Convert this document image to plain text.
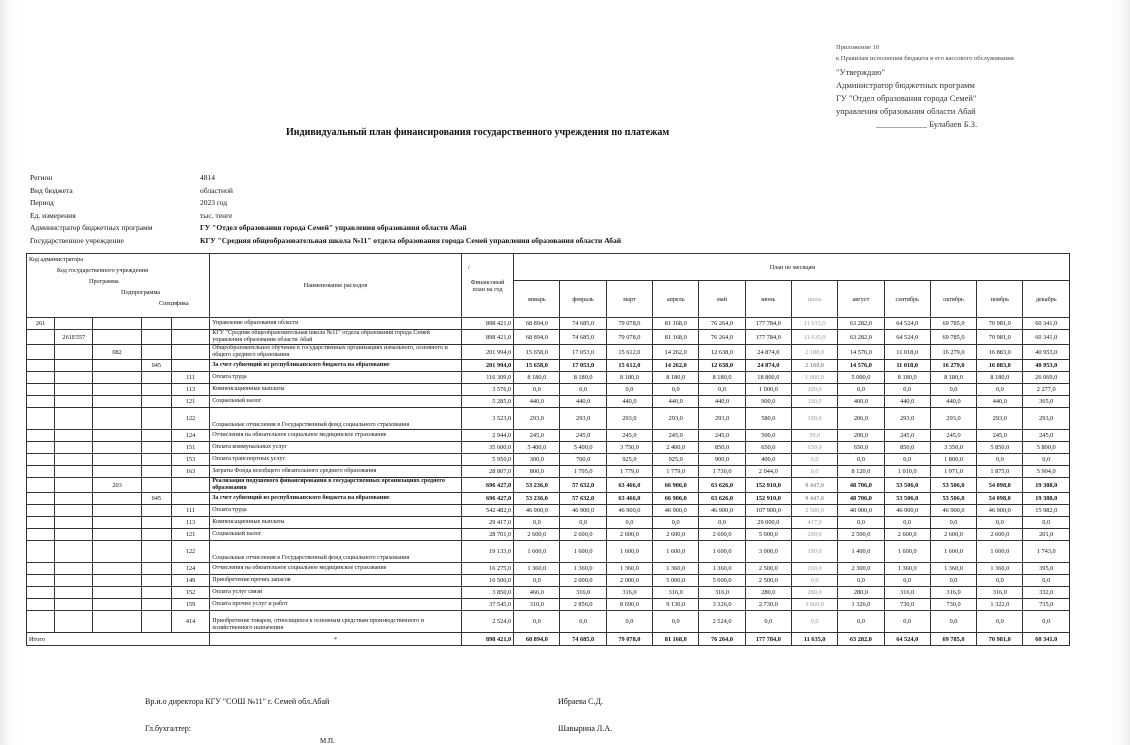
Приложение 10
к Правилам исполнения бюджета и его кассового обслуживания
"Утверждаю"
Администратор бюджетных программ
ГУ "Отдел образования города Семей"
управления образования области Абай
____________ Булабаев Б.З.
Индивидуальный план финансирования государственного учреждения по платежам
Регион	4814
Вид бюджета	областной
Период	2023 год
Ед. измерения	тыс. тенге
Администратор бюджетных программ	ГУ "Отдел образования города Семей" управления образования области Абай
Государственное учреждение	КГУ "Средняя общеобразовательная школа №11" отдела образования города Семей управления образования области Абай
Код администратора
Код государственного учреждения
Программа
Подпрограмма
Специфика					Наименование расходов	Финансовый план на год	/ План по месяцам											
							январь	февраль	март	апрель	май	июнь	июль	август	сентябрь	октябрь	ноябрь	декабрь
261					Управление образования области	898 421,0	68 894,0	74 685,0	79 078,0	81 168,0	76 264,0	177 784,0	11 635,0	63 282,0	64 524,0	69 785,0	70 981,0	60 341,0
	261E557				КГУ "Средняя общеобразовательная школа №11" отдела образования города Семей управления образования области Абай	898 421,0	68 894,0	74 685,0	79 078,0	81 168,0	76 264,0	177 784,0	11 635,0	63 282,0	64 524,0	69 785,0	70 981,0	60 341,0
		082			Общеобразовательное обучение в государственных организациях начального, основного и общего среднего образования	201 994,0	15 658,0	17 053,0	15 612,0	14 262,0	12 638,0	24 874,0	2 188,0	14 576,0	11 018,0	16 279,0	16 883,0	40 953,0
			045		За счет субвенций из республиканского бюджета на образование	201 994,0	15 658,0	17 053,0	15 612,0	14 262,0	12 638,0	24 874,0	2 188,0	14 576,0	11 018,0	16 279,0	16 883,0	40 953,0
				111	Оплата труда	116 309,0	8 180,0	8 180,0	8 180,0	8 180,0	8 180,0	18 800,0	1 000,0	5 000,0	8 180,0	8 180,0	8 180,0	26 069,0
				113	Компенсационные выплаты	3 576,0	0,0	0,0	0,0	0,0	0,0	1 000,0	299,0	0,0	0,0	0,0	0,0	2 277,0
				121	Социальный налог	5 285,0	440,0	440,0	440,0	440,0	440,0	900,0	100,0	400,0	440,0	440,0	440,0	365,0
				122	Социальные отчисления в Государственный фонд социального страхования	3 523,0	293,0	293,0	293,0	293,0	293,0	580,0	100,0	206,0	293,0	293,0	293,0	293,0
				124	Отчисления на обязательное социальное медицинское страхование	2 944,0	245,0	245,0	245,0	245,0	245,0	500,0	39,0	200,0	245,0	245,0	245,0	245,0
				151	Оплата коммунальных услуг	35 600,0	5 400,0	5 400,0	3 750,0	2 400,0	850,0	650,0	650,0	650,0	850,0	3 350,0	5 850,0	5 800,0
				153	Оплата транспортных услуг	5 950,0	300,0	700,0	925,0	925,0	900,0	400,0	0,0	0,0	0,0	1 800,0	0,0	0,0
				163	Затраты Фонда всеобщего обязательного среднего образования	28 807,0	800,0	1 795,0	1 779,0	1 779,0	1 730,0	2 044,0	0,0	8 120,0	1 010,0	1 971,0	1 875,0	5 904,0
		203			Реализация подушевого финансирования в государственных организациях среднего образования	696 427,0	53 236,0	57 632,0	63 466,0	66 906,0	63 626,0	152 910,0	9 447,0	48 706,0	53 506,0	53 506,0	54 098,0	19 388,0
			045		За счет субвенций из республиканского бюджета на образование	696 427,0	53 236,0	57 632,0	63 466,0	66 906,0	63 626,0	152 910,0	9 447,0	48 706,0	53 506,0	53 506,0	54 098,0	19 388,0
				111	Оплата труда	542 482,0	46 900,0	46 900,0	46 900,0	46 900,0	46 900,0	107 900,0	2 500,0	40 900,0	46 900,0	46 900,0	46 900,0	15 982,0
				113	Компенсационные выплаты	29 417,0	0,0	0,0	0,0	0,0	0,0	29 000,0	417,0	0,0	0,0	0,0	0,0	0,0
				121	Социальный налог	28 701,0	2 600,0	2 600,0	2 600,0	2 600,0	2 600,0	5 000,0	200,0	2 500,0	2 600,0	2 600,0	2 600,0	201,0
				122	Социальные отчисления в Государственный фонд социального страхования	19 133,0	1 600,0	1 600,0	1 600,0	1 600,0	1 600,0	3 000,0	190,0	1 400,0	1 600,0	1 600,0	1 600,0	1 743,0
				124	Отчисления на обязательное социальное медицинское страхование	16 275,0	1 360,0	1 360,0	1 360,0	1 360,0	1 360,0	2 500,0	200,0	2 300,0	1 360,0	1 360,0	1 360,0	395,0
				149	Приобретение прочих запасов	16 500,0	0,0	2 000,0	2 000,0	5 000,0	5 000,0	2 500,0	0,0	0,0	0,0	0,0	0,0	0,0
				152	Оплата услуг связи	3 850,0	466,0	316,0	316,0	316,0	316,0	280,0	280,0	280,0	316,0	316,0	316,0	332,0
				159	Оплата прочих услуг и работ	37 545,0	310,0	2 856,0	8 690,0	9 130,0	3 326,0	2 730,0	3 660,0	1 326,0	730,0	730,0	1 322,0	735,0
				414	Приобретение товаров, относящихся к основным средствам производственного и хозяйственного назначения	2 524,0	0,0	0,0	0,0	0,0	2 524,0	0,0	0,0	0,0	0,0	0,0	0,0	0,0
Итого					*	898 421,0	68 894,0	74 685,0	79 078,0	81 168,0	76 264,0	177 784,0	11 635,0	63 282,0	64 524,0	69 785,0	70 981,0	60 341,0
Вр.и.о директора КГУ "СОШ №11" г. Семей обл.Абай	Ибраева С.Д.
Гл.бухгалтер:	Шавырина Л.А.
М.П.
